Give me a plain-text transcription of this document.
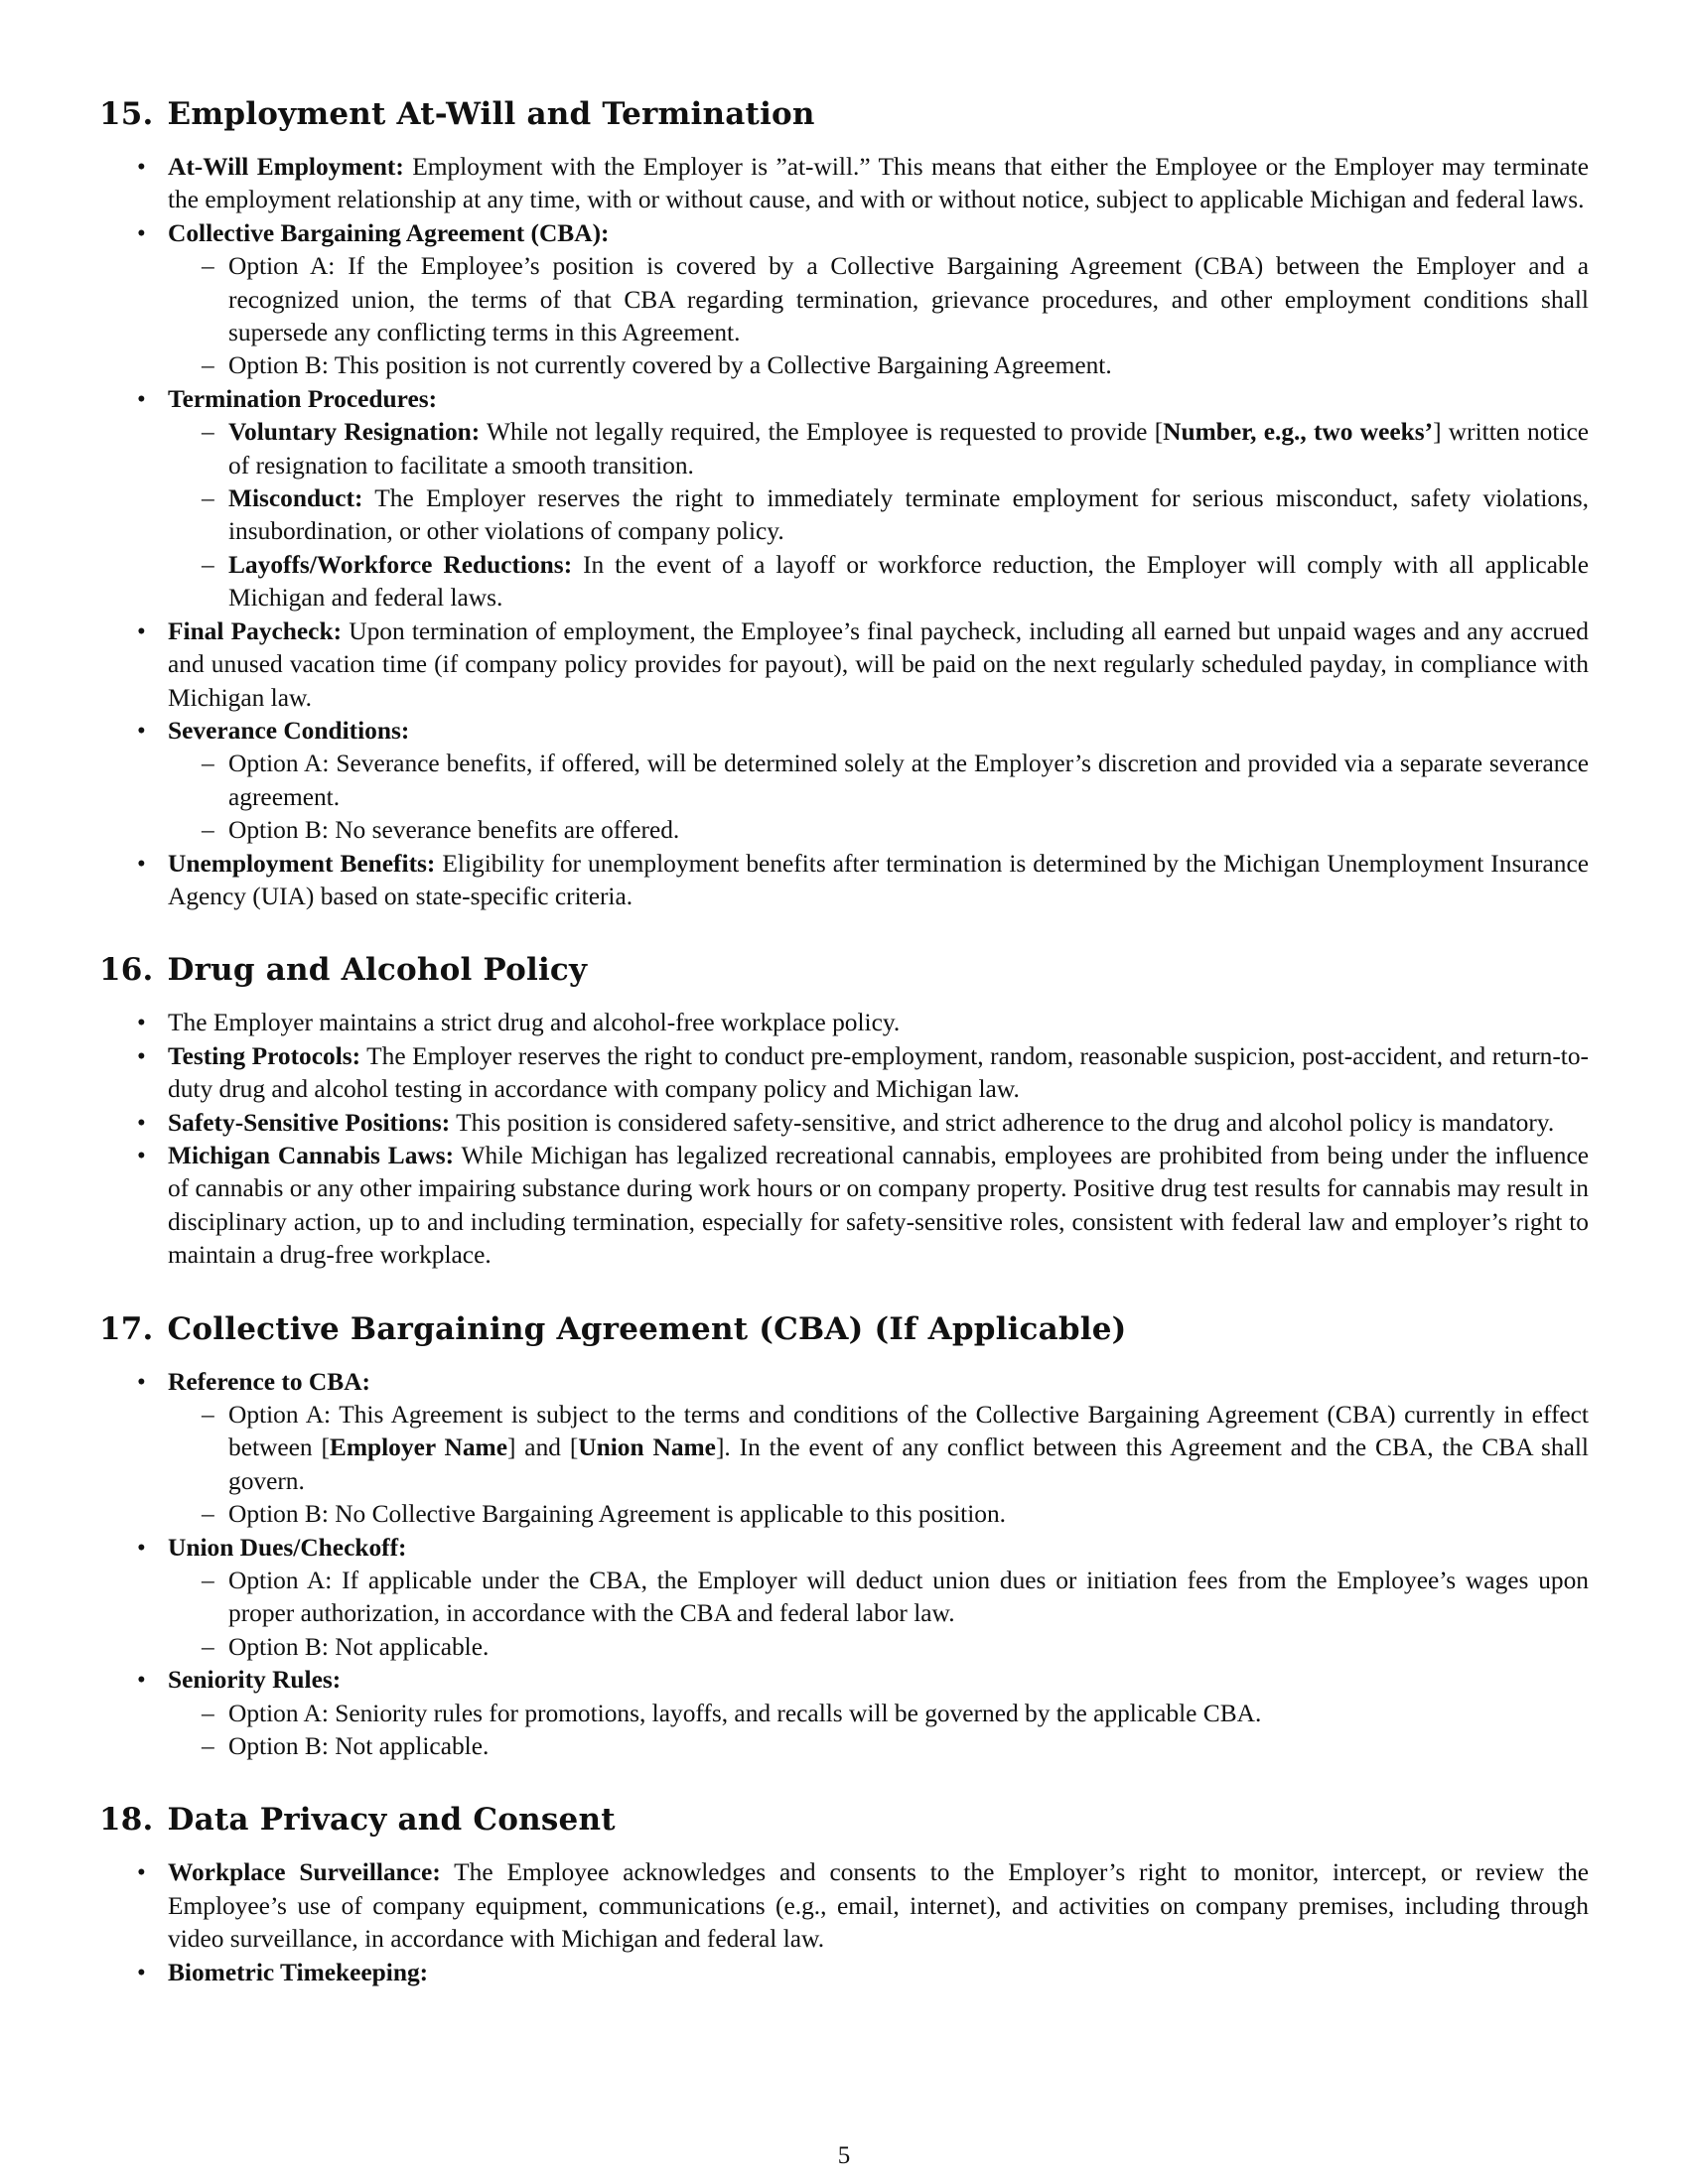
15. Employment At-Will and Termination
• At-Will Employment: Employment with the Employer is ”at-will.” This means that either the Employee or the Employer may terminate the employment relationship at any time, with or without cause, and with or without notice, subject to applicable Michigan and federal laws.
• Collective Bargaining Agreement (CBA):
– Option A: If the Employee’s position is covered by a Collective Bargaining Agreement (CBA) between the Employer and a recognized union, the terms of that CBA regarding termination, grievance procedures, and other employment conditions shall supersede any conflicting terms in this Agreement.
– Option B: This position is not currently covered by a Collective Bargaining Agreement.
• Termination Procedures:
– Voluntary Resignation: While not legally required, the Employee is requested to provide [Number, e.g., two weeks’] written notice of resignation to facilitate a smooth transition.
– Misconduct: The Employer reserves the right to immediately terminate employment for serious misconduct, safety violations, insubordination, or other violations of company policy.
– Layoffs/Workforce Reductions: In the event of a layoff or workforce reduction, the Employer will comply with all applicable Michigan and federal laws.
• Final Paycheck: Upon termination of employment, the Employee’s final paycheck, including all earned but unpaid wages and any accrued and unused vacation time (if company policy provides for payout), will be paid on the next regularly scheduled payday, in compliance with Michigan law.
• Severance Conditions:
– Option A: Severance benefits, if offered, will be determined solely at the Employer’s discretion and provided via a separate severance agreement.
– Option B: No severance benefits are offered.
• Unemployment Benefits: Eligibility for unemployment benefits after termination is determined by the Michigan Unemployment Insurance Agency (UIA) based on state-specific criteria.
16. Drug and Alcohol Policy
• The Employer maintains a strict drug and alcohol-free workplace policy.
• Testing Protocols: The Employer reserves the right to conduct pre-employment, random, reasonable suspicion, post-accident, and return-to-duty drug and alcohol testing in accordance with company policy and Michigan law.
• Safety-Sensitive Positions: This position is considered safety-sensitive, and strict adherence to the drug and alcohol policy is mandatory.
• Michigan Cannabis Laws: While Michigan has legalized recreational cannabis, employees are prohibited from being under the influence of cannabis or any other impairing substance during work hours or on company property. Positive drug test results for cannabis may result in disciplinary action, up to and including termination, especially for safety-sensitive roles, consistent with federal law and employer’s right to maintain a drug-free workplace.
17. Collective Bargaining Agreement (CBA) (If Applicable)
• Reference to CBA:
– Option A: This Agreement is subject to the terms and conditions of the Collective Bargaining Agreement (CBA) currently in effect between [Employer Name] and [Union Name]. In the event of any conflict between this Agreement and the CBA, the CBA shall govern.
– Option B: No Collective Bargaining Agreement is applicable to this position.
• Union Dues/Checkoff:
– Option A: If applicable under the CBA, the Employer will deduct union dues or initiation fees from the Employee’s wages upon proper authorization, in accordance with the CBA and federal labor law.
– Option B: Not applicable.
• Seniority Rules:
– Option A: Seniority rules for promotions, layoffs, and recalls will be governed by the applicable CBA.
– Option B: Not applicable.
18. Data Privacy and Consent
• Workplace Surveillance: The Employee acknowledges and consents to the Employer’s right to monitor, intercept, or review the Employee’s use of company equipment, communications (e.g., email, internet), and activities on company premises, including through video surveillance, in accordance with Michigan and federal law.
• Biometric Timekeeping:
5
